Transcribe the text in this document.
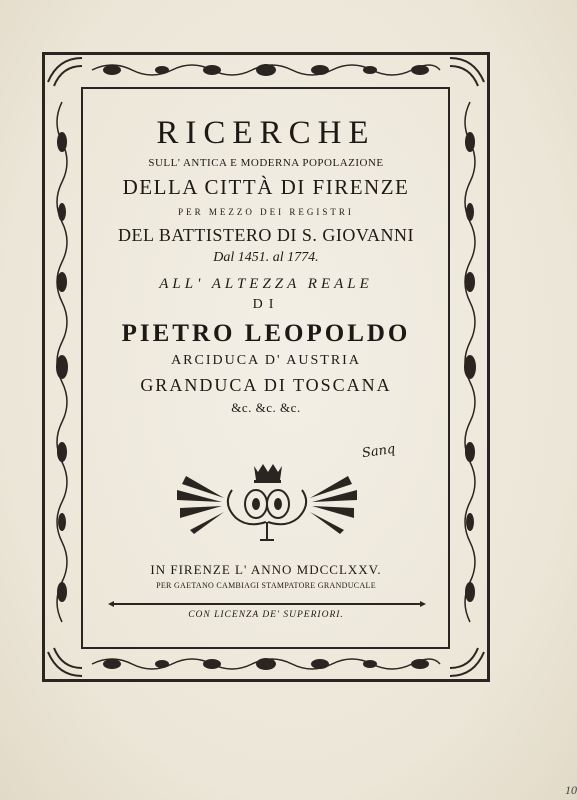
RICERCHE
SULL' ANTICA E MODERNA POPOLAZIONE
DELLA CITTÀ DI FIRENZE
PER MEZZO DEI REGISTRI
DEL BATTISTERO DI S. GIOVANNI
Dal 1451. al 1774.
ALL' ALTEZZA REALE
DI
PIETRO LEOPOLDO
ARCIDUCA D' AUSTRIA
GRANDUCA DI TOSCANA
&c. &c. &c.
Sanq
IN FIRENZE L' ANNO MDCCLXXV.
PER GAETANO CAMBIAGI STAMPATORE GRANDUCALE
CON LICENZA DE' SUPERIORI.
10
